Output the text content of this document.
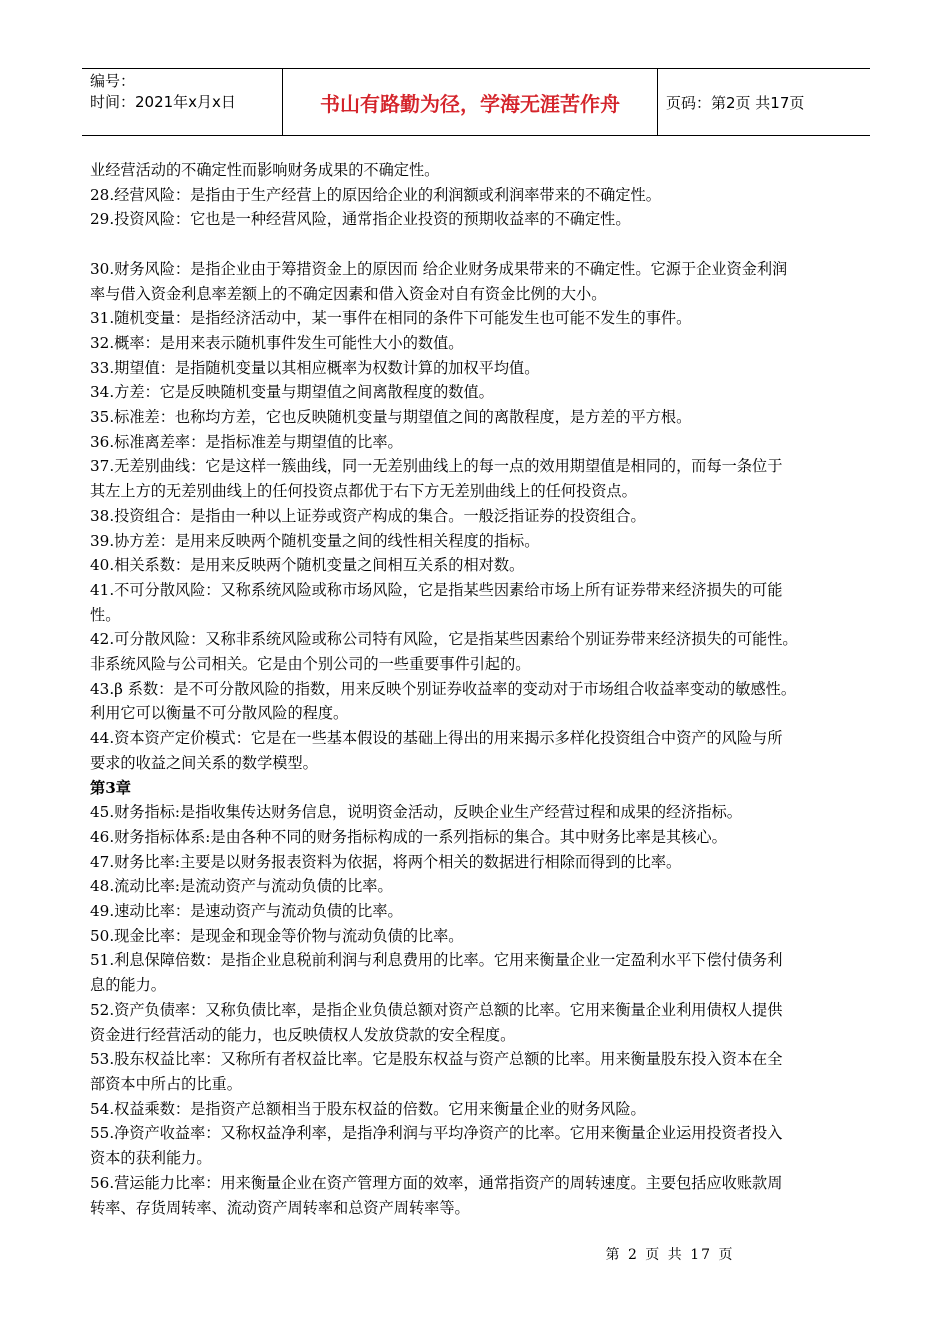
编号：
时间：2021年x月x日	书山有路勤为径，学海无涯苦作舟	页码：第2页 共17页

业经营活动的不确定性而影响财务成果的不确定性。

28.经营风险：是指由于生产经营上的原因给企业的利润额或利润率带来的不确定性。

29.投资风险：它也是一种经营风险，通常指企业投资的预期收益率的不确定性。

30.财务风险：是指企业由于筹措资金上的原因而 给企业财务成果带来的不确定性。它源于企业资金利润

率与借入资金利息率差额上的不确定因素和借入资金对自有资金比例的大小。

31.随机变量：是指经济活动中，某一事件在相同的条件下可能发生也可能不发生的事件。

32.概率：是用来表示随机事件发生可能性大小的数值。

33.期望值：是指随机变量以其相应概率为权数计算的加权平均值。

34.方差：它是反映随机变量与期望值之间离散程度的数值。

35.标准差：也称均方差，它也反映随机变量与期望值之间的离散程度，是方差的平方根。

36.标准离差率：是指标准差与期望值的比率。

37.无差别曲线：它是这样一簇曲线，同一无差别曲线上的每一点的效用期望值是相同的，而每一条位于

其左上方的无差别曲线上的任何投资点都优于右下方无差别曲线上的任何投资点。

38.投资组合：是指由一种以上证券或资产构成的集合。一般泛指证券的投资组合。

39.协方差：是用来反映两个随机变量之间的线性相关程度的指标。

40.相关系数：是用来反映两个随机变量之间相互关系的相对数。

41.不可分散风险：又称系统风险或称市场风险，它是指某些因素给市场上所有证券带来经济损失的可能

性。

42.可分散风险：又称非系统风险或称公司特有风险，它是指某些因素给个别证券带来经济损失的可能性。

非系统风险与公司相关。它是由个别公司的一些重要事件引起的。

43.β 系数：是不可分散风险的指数，用来反映个别证券收益率的变动对于市场组合收益率变动的敏感性。

利用它可以衡量不可分散风险的程度。

44.资本资产定价模式：它是在一些基本假设的基础上得出的用来揭示多样化投资组合中资产的风险与所

要求的收益之间关系的数学模型。

第3章

45.财务指标:是指收集传达财务信息，说明资金活动，反映企业生产经营过程和成果的经济指标。

46.财务指标体系:是由各种不同的财务指标构成的一系列指标的集合。其中财务比率是其核心。

47.财务比率:主要是以财务报表资料为依据，将两个相关的数据进行相除而得到的比率。

48.流动比率:是流动资产与流动负债的比率。

49.速动比率：是速动资产与流动负债的比率。

50.现金比率：是现金和现金等价物与流动负债的比率。

51.利息保障倍数：是指企业息税前利润与利息费用的比率。它用来衡量企业一定盈利水平下偿付债务利

息的能力。

52.资产负债率：又称负债比率，是指企业负债总额对资产总额的比率。它用来衡量企业利用债权人提供

资金进行经营活动的能力，也反映债权人发放贷款的安全程度。

53.股东权益比率：又称所有者权益比率。它是股东权益与资产总额的比率。用来衡量股东投入资本在全

部资本中所占的比重。

54.权益乘数：是指资产总额相当于股东权益的倍数。它用来衡量企业的财务风险。

55.净资产收益率：又称权益净利率，是指净利润与平均净资产的比率。它用来衡量企业运用投资者投入

资本的获利能力。

56.营运能力比率：用来衡量企业在资产管理方面的效率，通常指资产的周转速度。主要包括应收账款周

转率、存货周转率、流动资产周转率和总资产周转率等。

第 2 页 共 17 页
